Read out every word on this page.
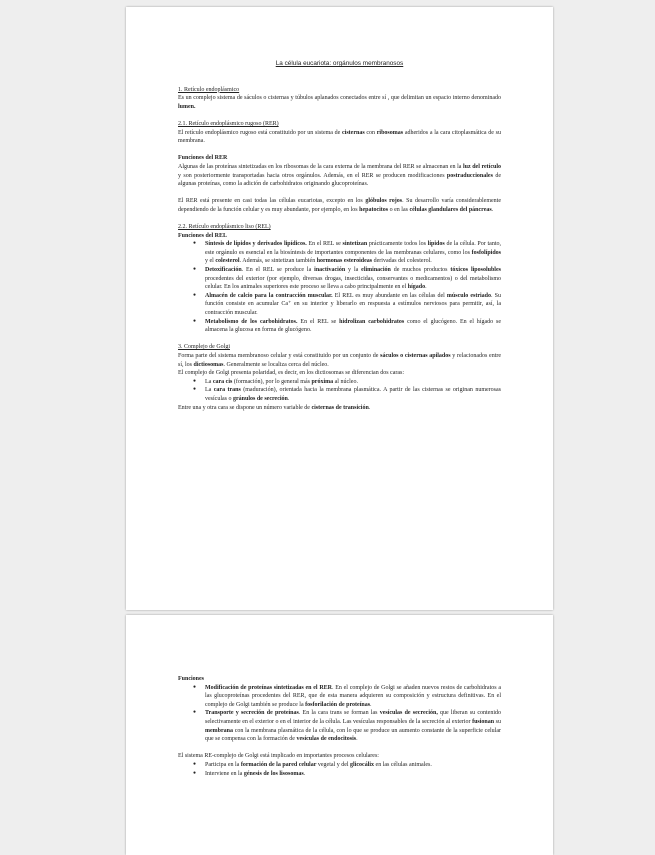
La célula eucariota: orgánulos membranosos

1. Retículo endoplásmico

Es un complejo sistema de sáculos o cisternas y túbulos aplanados conectados entre sí , que delimitan un espacio interno denominado lumen.

2.1. Retículo endoplásmico rugoso (RER)

El retículo endoplásmico rugoso está constituido por un sistema de cisternas con ribosomas adheridos a la cara citoplasmática de su membrana.

Funciones del RER

Algunas de las proteínas sintetizadas en los ribosomas de la cara externa de la membrana del RER se almacenan en la luz del retículo y son posteriormente transportadas hacia otros orgánulos. Además, en el RER se producen modificaciones postraduccionales de algunas proteínas, como la adición de carbohidratos originando glucoproteínas.

El RER está presente en casi todas las células eucariotas, excepto en los glóbulos rojos. Su desarrollo varía considerablemente dependiendo de la función celular y es muy abundante, por ejemplo, en los hepatocitos o en las células glandulares del páncreas.

2.2. Retículo endoplásmico liso (REL)

Funciones del REL

● Síntesis de lípidos y derivados lipídicos. En el REL se sintetizan prácticamente todos los lípidos de la célula. Por tanto, este orgánulo es esencial en la biosíntesis de importantes componentes de las membranas celulares, como los fosfolípidos y el colesterol. Además, se sintetizan también hormonas esteroideas derivadas del colesterol.
● Detoxificación. En el REL se produce la inactivación y la eliminación de muchos productos tóxicos liposolubles procedentes del exterior (por ejemplo, diversas drogas, insecticidas, conservantes o medicamentos) o del metabolismo celular. En los animales superiores este proceso se lleva a cabo principalmente en el hígado.
● Almacén de calcio para la contracción muscular. El REL es muy abundante en las células del músculo estriado. Su función consiste en acumular Ca⁺ en su interior y liberarlo en respuesta a estímulos nerviosos para permitir, así, la contracción muscular.
● Metabolismo de los carbohidratos. En el REL se hidrolizan carbohidratos como el glucógeno. En el hígado se almacena la glucosa en forma de glucógeno.

3. Complejo de Golgi

Forma parte del sistema membranoso celular y está constituido por un conjunto de sáculos o cisternas apilados y relacionados entre sí, los dictiosomas. Generalmente se localiza cerca del núcleo.

El complejo de Golgi presenta polaridad, es decir, en los dictiosomas se diferencian dos caras:

● La cara cis (formación), por lo general más próxima al núcleo.
● La cara trans (maduración), orientada hacia la membrana plasmática. A partir de las cisternas se originan numerosas vesículas o gránulos de secreción.

Entre una y otra cara se dispone un número variable de cisternas de transición.

Funciones

● Modificación de proteínas sintetizadas en el RER. En el complejo de Golgi se añaden nuevos restos de carbohidratos a las glucoproteínas procedentes del RER, que de esta manera adquieren su composición y estructura definitivas. En el complejo de Golgi también se produce la fosforilación de proteínas.
● Transporte y secreción de proteínas. En la cara trans se forman las vesículas de secreción, que liberan su contenido selectivamente en el exterior o en el interior de la célula. Las vesículas responsables de la secreción al exterior fusionan su membrana con la membrana plasmática de la célula, con lo que se produce un aumento constante de la superficie celular que se compensa con la formación de vesículas de endocitosis.

El sistema RE-complejo de Golgi está implicado en importantes procesos celulares:

● Participa en la formación de la pared celular vegetal y del glicocálix en las células animales.
● Interviene en la génesis de los lisosomas.
